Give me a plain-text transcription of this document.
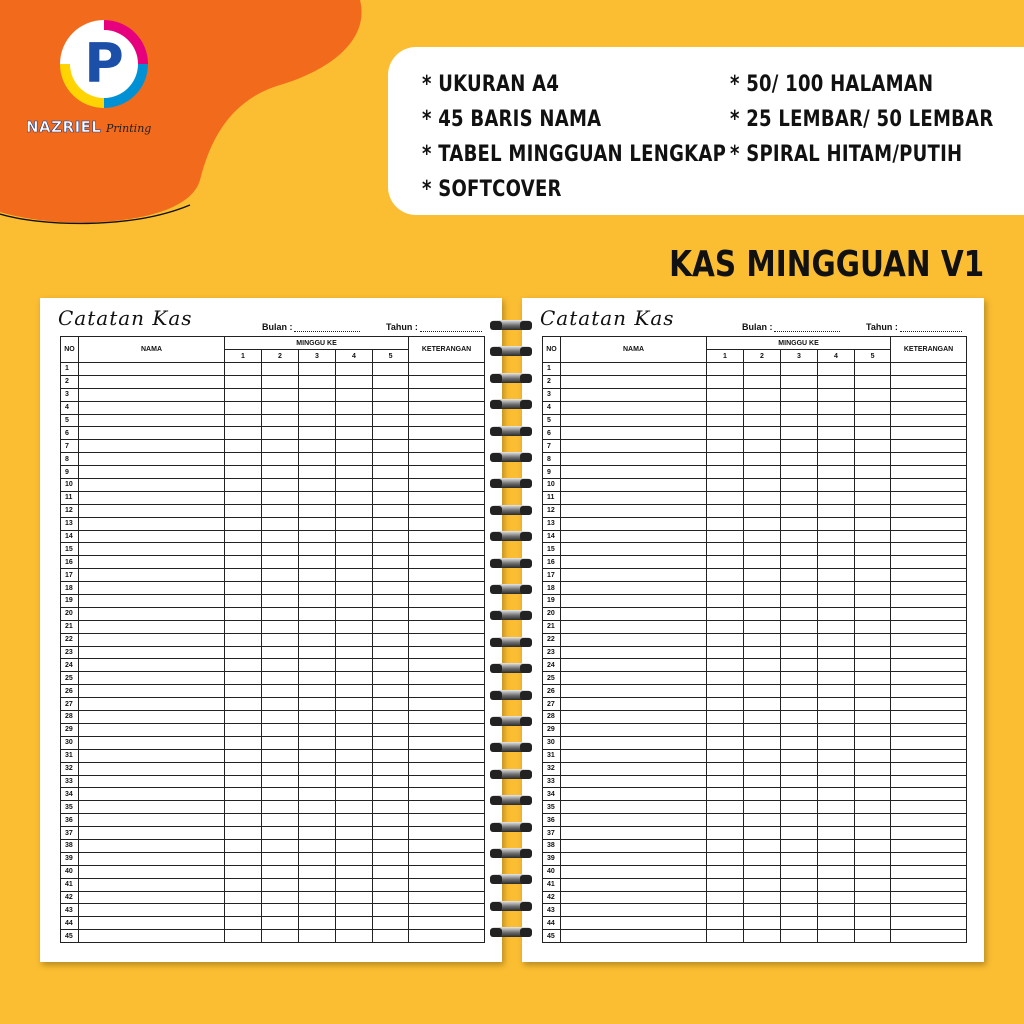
P
NAZRIEL Printing
* UKURAN A4
* 45 BARIS NAMA
* TABEL MINGGUAN LENGKAP
* SOFTCOVER
* 50/ 100 HALAMAN
* 25 LEMBAR/ 50 LEMBAR
* SPIRAL HITAM/PUTIH
KAS MINGGUAN V1
Catatan Kas	Bulan :	Tahun :
NO	NAMA	MINGGU KE					KETERANGAN
		1	2	3	4	5	
1							
2							
3							
4							
5							
6							
7							
8							
9							
10							
11							
12							
13							
14							
15							
16							
17							
18							
19							
20							
21							
22							
23							
24							
25							
26							
27							
28							
29							
30							
31							
32							
33							
34							
35							
36							
37							
38							
39							
40							
41							
42							
43							
44							
45							
Catatan Kas	Bulan :	Tahun :
NO	NAMA	MINGGU KE					KETERANGAN
		1	2	3	4	5	
1							
2							
3							
4							
5							
6							
7							
8							
9							
10							
11							
12							
13							
14							
15							
16							
17							
18							
19							
20							
21							
22							
23							
24							
25							
26							
27							
28							
29							
30							
31							
32							
33							
34							
35							
36							
37							
38							
39							
40							
41							
42							
43							
44							
45							
